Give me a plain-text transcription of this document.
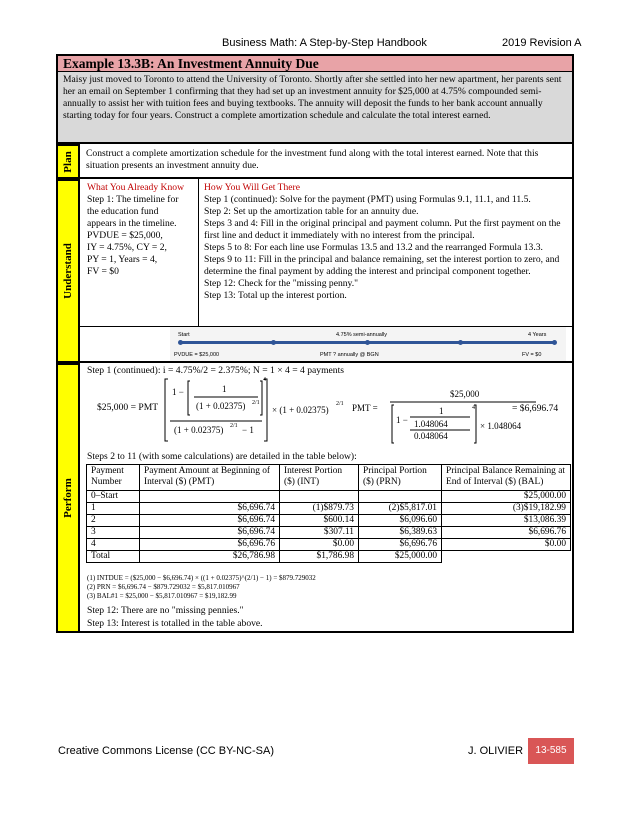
Business Math: A Step-by-Step Handbook	2019 Revision A
Example 13.3B: An Investment Annuity Due
Maisy just moved to Toronto to attend the University of Toronto. Shortly after she settled into her new apartment, her parents sent her an email on September 1 confirming that they had set up an investment annuity for $25,000 at 4.75% compounded semi-annually to assist her with tuition fees and buying textbooks. The annuity will deposit the funds to her bank account annually starting today for four years. Construct a complete amortization schedule and calculate the total interest earned.
Plan	Construct a complete amortization schedule for the investment fund along with the total interest earned. Note that this situation presents an investment annuity due.
Understand
What You Already Know
Step 1: The timeline for
the education fund
appears in the timeline.
PVDUE = $25,000,
IY = 4.75%, CY = 2,
PY = 1, Years = 4,
FV = $0
How You Will Get There
Step 1 (continued): Solve for the payment (PMT) using Formulas 9.1, 11.1, and 11.5.
Step 2: Set up the amortization table for an annuity due.
Steps 3 and 4: Fill in the original principal and payment column. Put the first payment on the first line and deduct it immediately with no interest from the principal.
Steps 5 to 8: For each line use Formulas 13.5 and 13.2 and the rearranged Formula 13.3.
Steps 9 to 11: Fill in the principal and balance remaining, set the interest portion to zero, and determine the final payment by adding the interest and principal component together.
Step 12: Check for the "missing penny."
Step 13: Total up the interest portion.
Start	4.75% semi-annually	4 Years
PVDUE = $25,000	PMT ? annually @ BGN	FV = $0
Perform
Step 1 (continued): i = 4.75%/2 = 2.375%; N = 1 × 4 = 4 payments
$25,000 = PMT
1 −	1
(1 + 0.02375) 2/1
4
(1 + 0.02375) 2/1 − 1
× (1 + 0.02375)
2/1 PMT =
$25,000
1 −
1
1.048064
0.048064
4
× 1.048064
= $6,696.74
Steps 2 to 11 (with some calculations) are detailed in the table below):
Payment Number	Payment Amount at Beginning of Interval ($) (PMT)	Interest Portion ($) (INT)	Principal Portion ($) (PRN)	Principal Balance Remaining at End of Interval ($) (BAL)
0–Start				$25,000.00
1	$6,696.74	(1)$879.73	(2)$5,817.01	(3)$19,182.99
2	$6,696.74	$600.14	$6,096.60	$13,086.39
3	$6,696.74	$307.11	$6,389.63	$6,696.76
4	$6,696.76	$0.00	$6,696.76	$0.00
Total	$26,786.98	$1,786.98	$25,000.00	
(1) INTDUE = ($25,000 − $6,696.74) × ((1 + 0.02375)^(2/1) − 1) = $879.729032
(2) PRN = $6,696.74 − $879.729032 = $5,817.010967
(3) BAL#1 = $25,000 − $5,817.010967 = $19,182.99
Step 12: There are no "missing pennies."
Step 13: Interest is totalled in the table above.
Creative Commons License (CC BY-NC-SA)	J. OLIVIER	13-585
